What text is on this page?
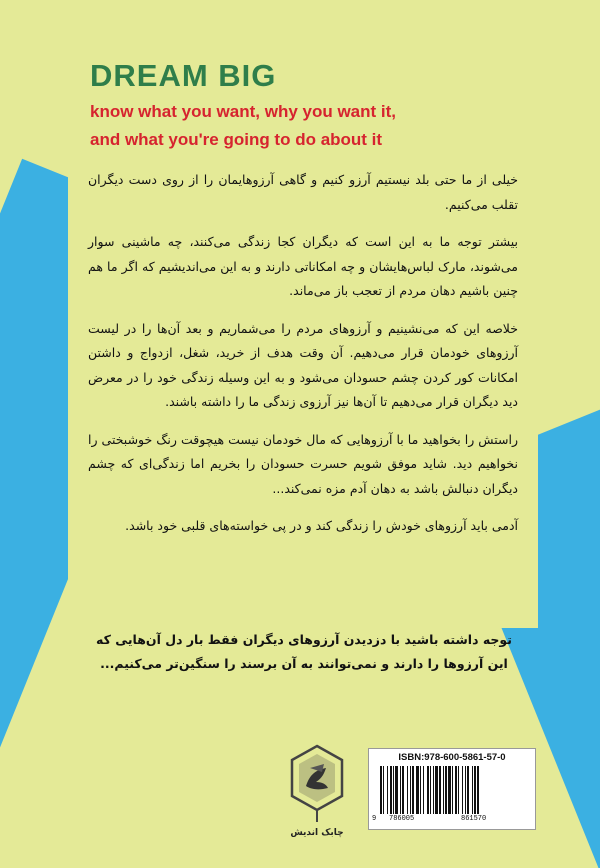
DREAM BIG
know what you want, why you want it,
and what you're going to do about it

خیلی از ما حتی بلد نیستیم آرزو کنیم و گاهی آرزوهایمان را از روی دست دیگران تقلب می‌کنیم.

بیشتر توجه ما به این است که دیگران کجا زندگی می‌کنند، چه ماشینی سوار می‌شوند، مارک لباس‌هایشان و چه امکاناتی دارند و به این می‌اندیشیم که اگر ما هم چنین باشیم دهان مردم از تعجب باز می‌ماند.

خلاصه این که می‌نشینیم و آرزوهای مردم را می‌شماریم و بعد آن‌ها را در لیست آرزوهای خودمان قرار می‌دهیم. آن وقت هدف از خرید، شغل، ازدواج و داشتن امکانات کور کردن چشم حسودان می‌شود و به این وسیله زندگی خود را در معرض دید دیگران قرار می‌دهیم تا آن‌ها نیز آرزوی زندگی ما را داشته باشند.

راستش را بخواهید ما با آرزوهایی که مال خودمان نیست هیچوقت رنگ خوشبختی را نخواهیم دید. شاید موفق شویم حسرت حسودان را بخریم اما زندگی‌ای که چشم دیگران دنبالش باشد به دهان آدم مزه نمی‌کند...

آدمی باید آرزوهای خودش را زندگی کند و در پی خواسته‌های قلبی خود باشد.

توجه داشته باشید با دزدیدن آرزوهای دیگران فقط بار دل آن‌هایی که
این آرزوها را دارند و نمی‌توانند به آن برسند را سنگین‌تر می‌کنیم...
چابک اندیش
ISBN:978-600-5861-57-0
9 786005	861570
